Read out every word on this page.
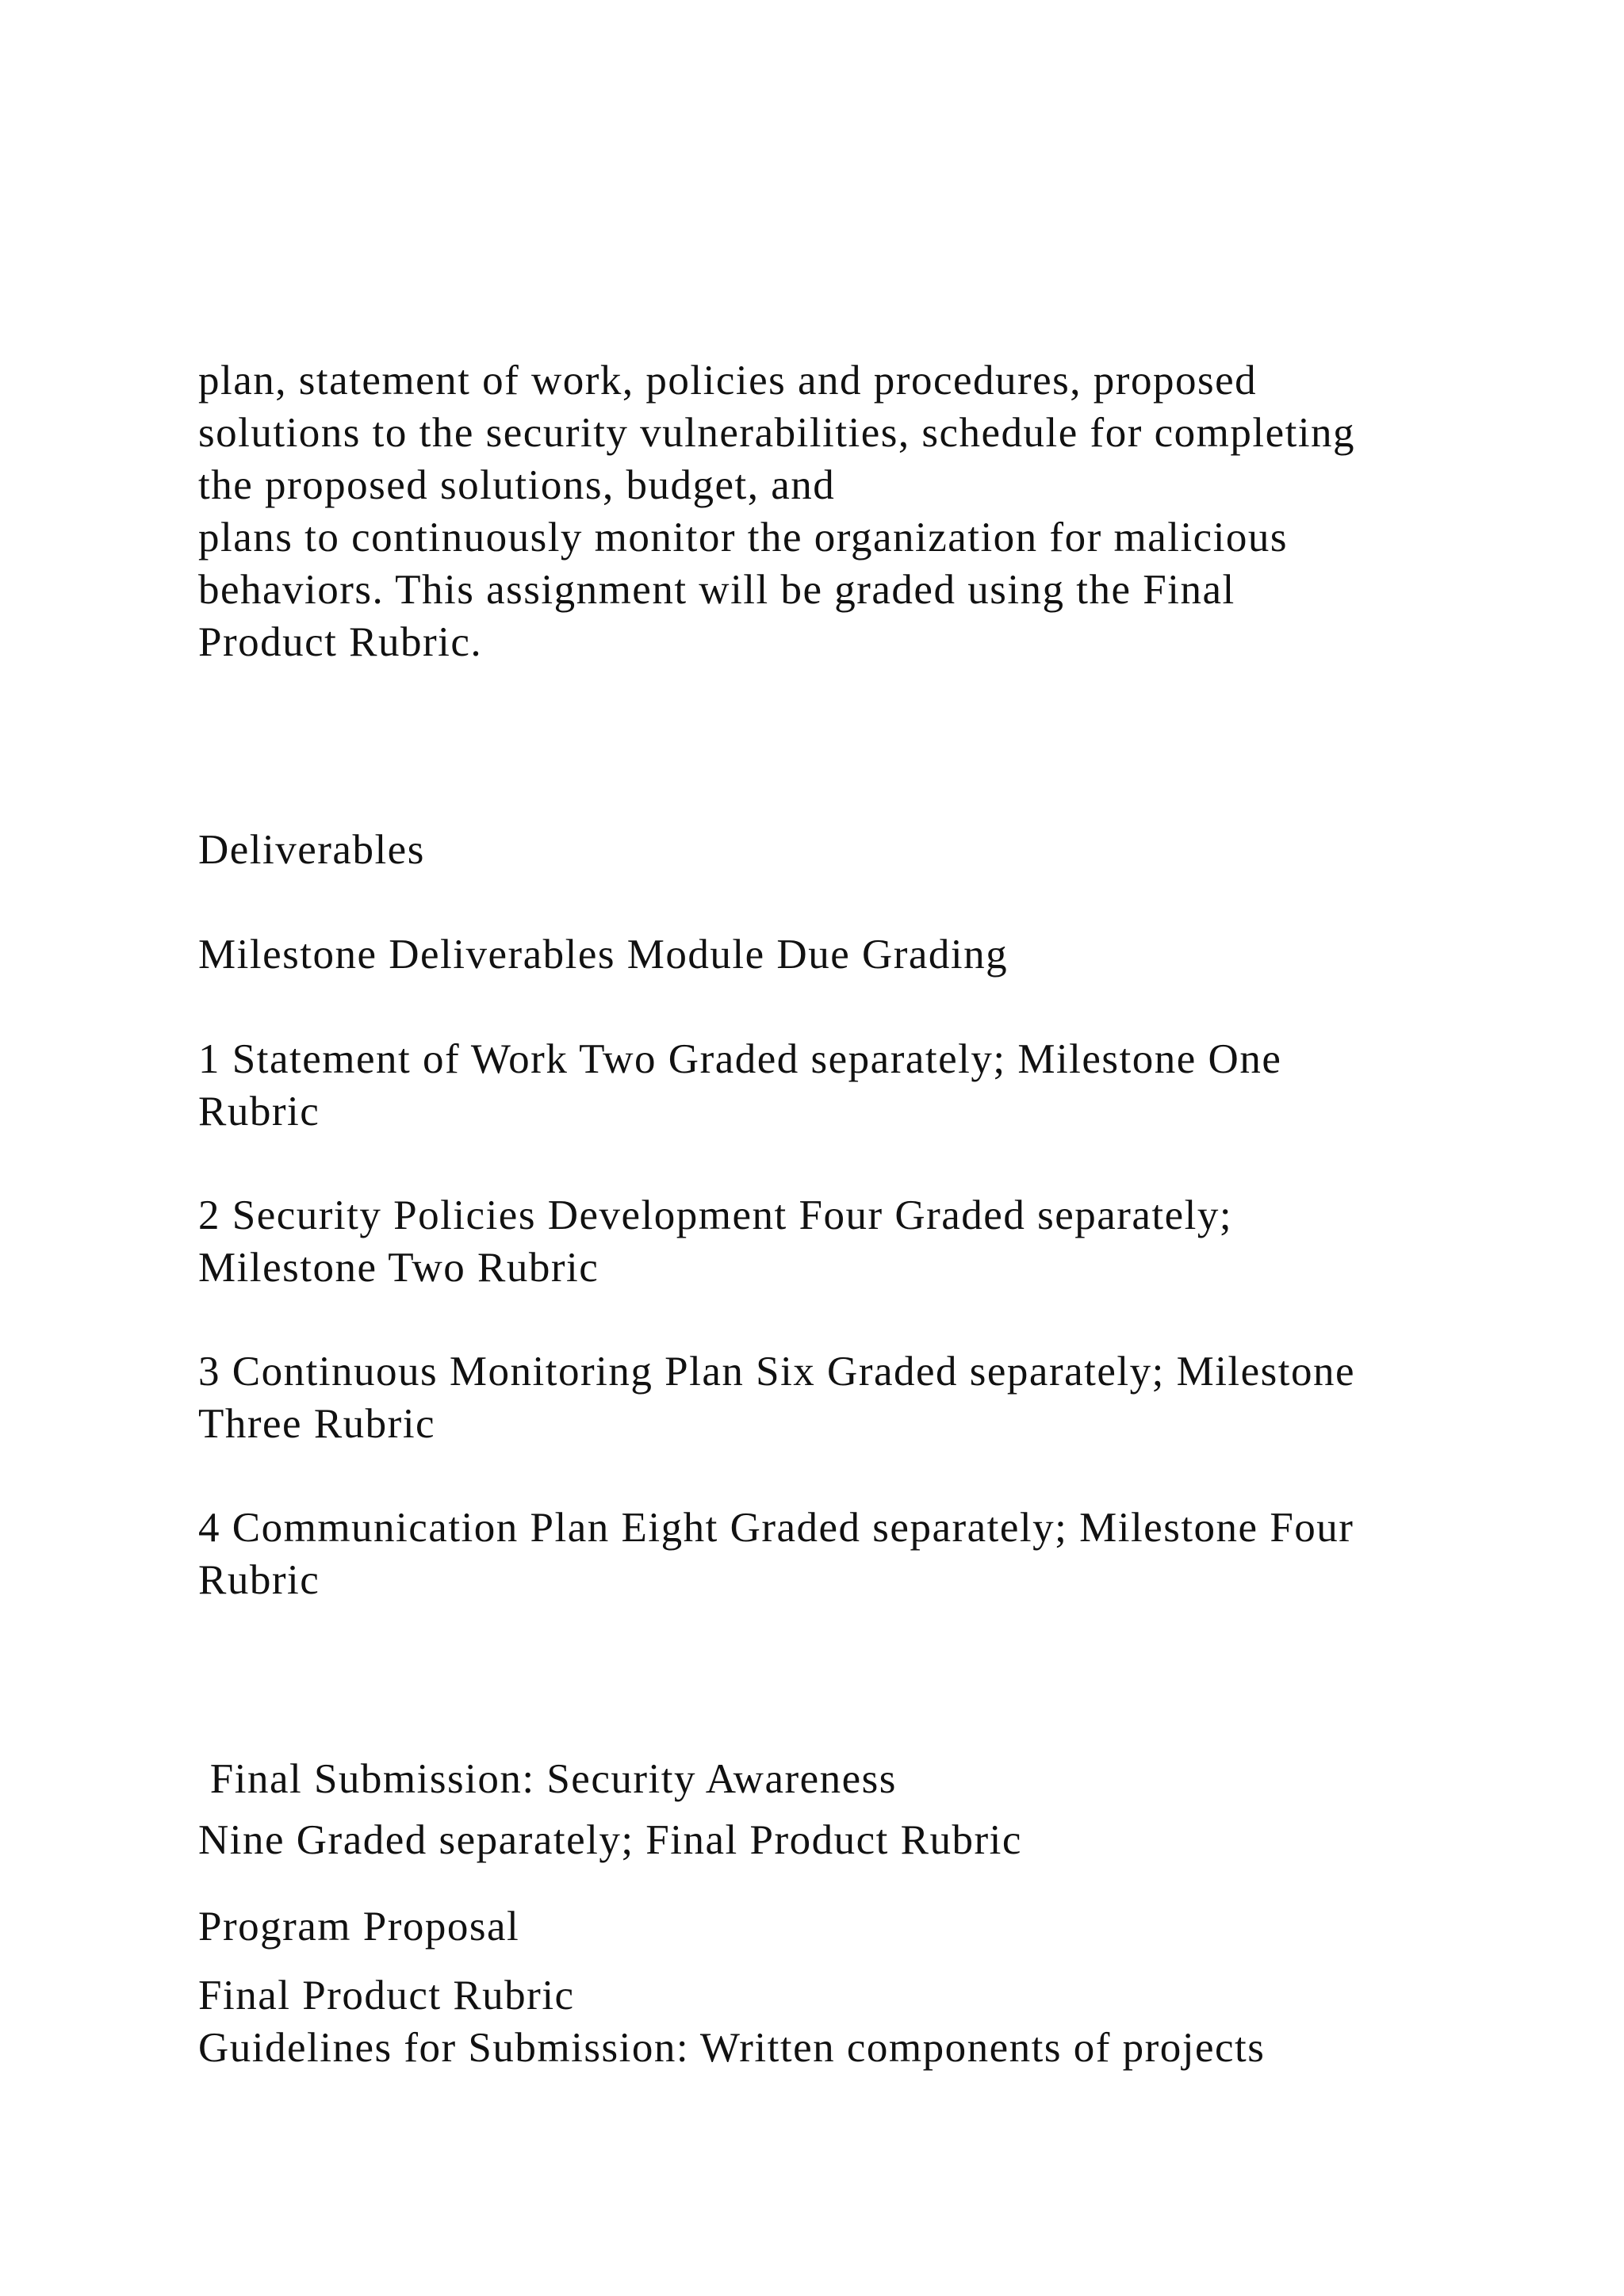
plan, statement of work, policies and procedures, proposed
solutions to the security vulnerabilities, schedule for completing
the proposed solutions, budget, and
plans to continuously monitor the organization for malicious
behaviors. This assignment will be graded using the Final
Product Rubric.
Deliverables
Milestone Deliverables Module Due Grading
1 Statement of Work Two Graded separately; Milestone One
Rubric
2 Security Policies Development Four Graded separately;
Milestone Two Rubric
3 Continuous Monitoring Plan Six Graded separately; Milestone
Three Rubric
4 Communication Plan Eight Graded separately; Milestone Four
Rubric

Final Submission: Security Awareness

Program Proposal

Nine Graded separately; Final Product Rubric
Final Product Rubric
Guidelines for Submission: Written components of projects
